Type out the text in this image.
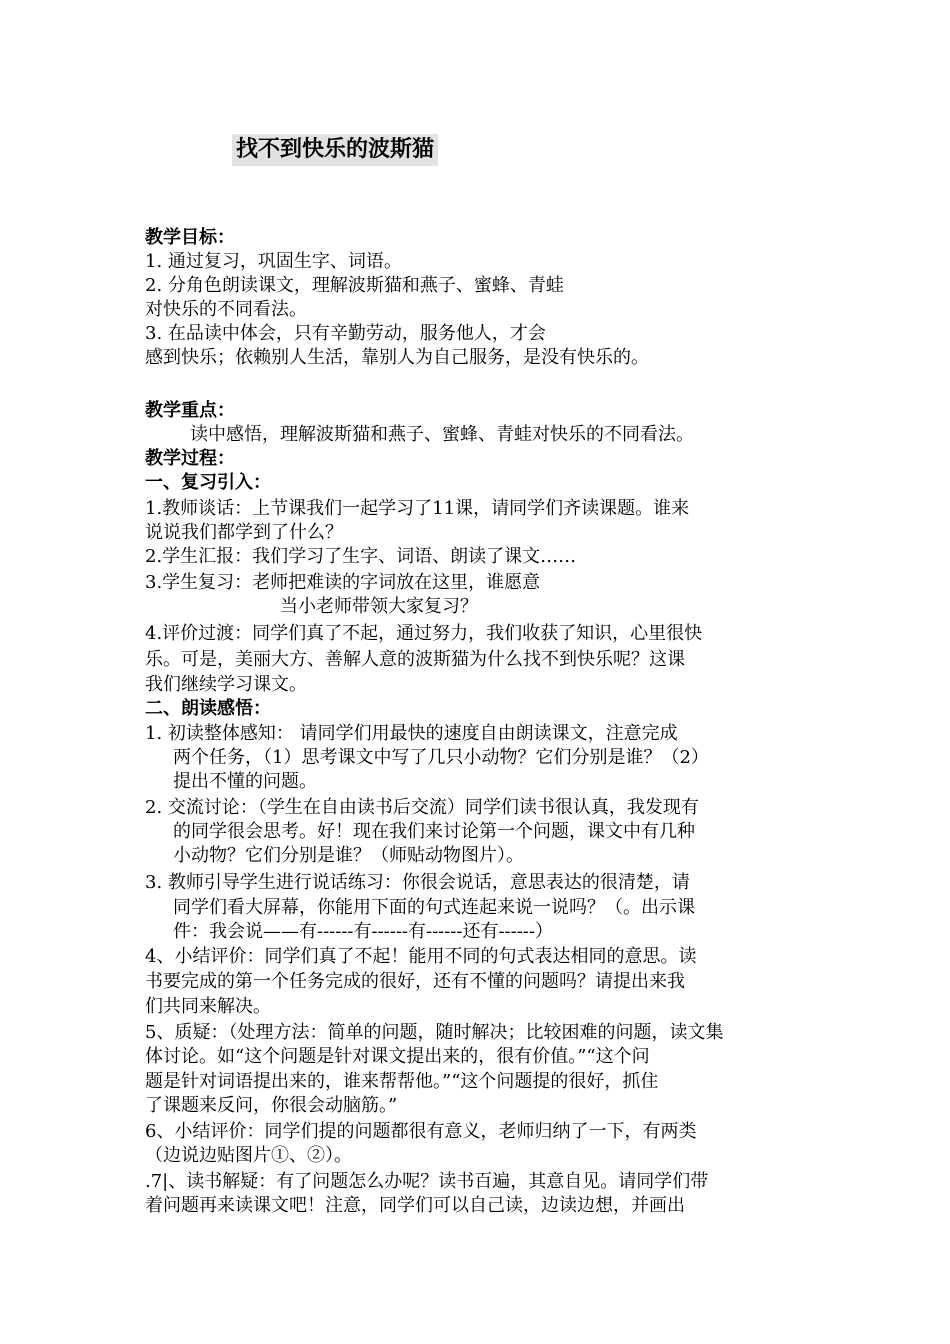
找不到快乐的波斯猫
教学目标：
1. 通过复习，巩固生字、词语。
2. 分角色朗读课文，理解波斯猫和燕子、蜜蜂、青蛙
对快乐的不同看法。
3. 在品读中体会，只有辛勤劳动，服务他人，才会
感到快乐；依赖别人生活，靠别人为自己服务，是没有快乐的。
教学重点：
读中感悟，理解波斯猫和燕子、蜜蜂、青蛙对快乐的不同看法。
教学过程：
一、复习引入：
1.教师谈话：上节课我们一起学习了11课，请同学们齐读课题。谁来
说说我们都学到了什么？
2.学生汇报：我们学习了生字、词语、朗读了课文……
3.学生复习：老师把难读的字词放在这里，谁愿意
当小老师带领大家复习？
4.评价过渡：同学们真了不起，通过努力，我们收获了知识，心里很快
乐。可是，美丽大方、善解人意的波斯猫为什么找不到快乐呢？这课
我们继续学习课文。
二、朗读感悟：
1. 初读整体感知： 请同学们用最快的速度自由朗读课文，注意完成
两个任务，（1）思考课文中写了几只小动物？它们分别是谁？（2）
提出不懂的问题。
2. 交流讨论：（学生在自由读书后交流）同学们读书很认真，我发现有
的同学很会思考。好！现在我们来讨论第一个问题，课文中有几种
小动物？它们分别是谁？（师贴动物图片）。
3. 教师引导学生进行说话练习：你很会说话，意思表达的很清楚，请
同学们看大屏幕，你能用下面的句式连起来说一说吗？（。出示课
件：我会说——有------有------有------还有------）
4、小结评价：同学们真了不起！能用不同的句式表达相同的意思。读
书要完成的第一个任务完成的很好，还有不懂的问题吗？请提出来我
们共同来解决。
5、质疑：（处理方法：简单的问题，随时解决；比较困难的问题，读文集
体讨论。如“这个问题是针对课文提出来的，很有价值。”“这个问
题是针对词语提出来的，谁来帮帮他。”“这个问题提的很好，抓住
了课题来反问，你很会动脑筋。”
6、小结评价：同学们提的问题都很有意义，老师归纳了一下，有两类
（边说边贴图片①、②）。
.7|、读书解疑：有了问题怎么办呢？读书百遍，其意自见。请同学们带
着问题再来读课文吧！注意，同学们可以自己读，边读边想，并画出
